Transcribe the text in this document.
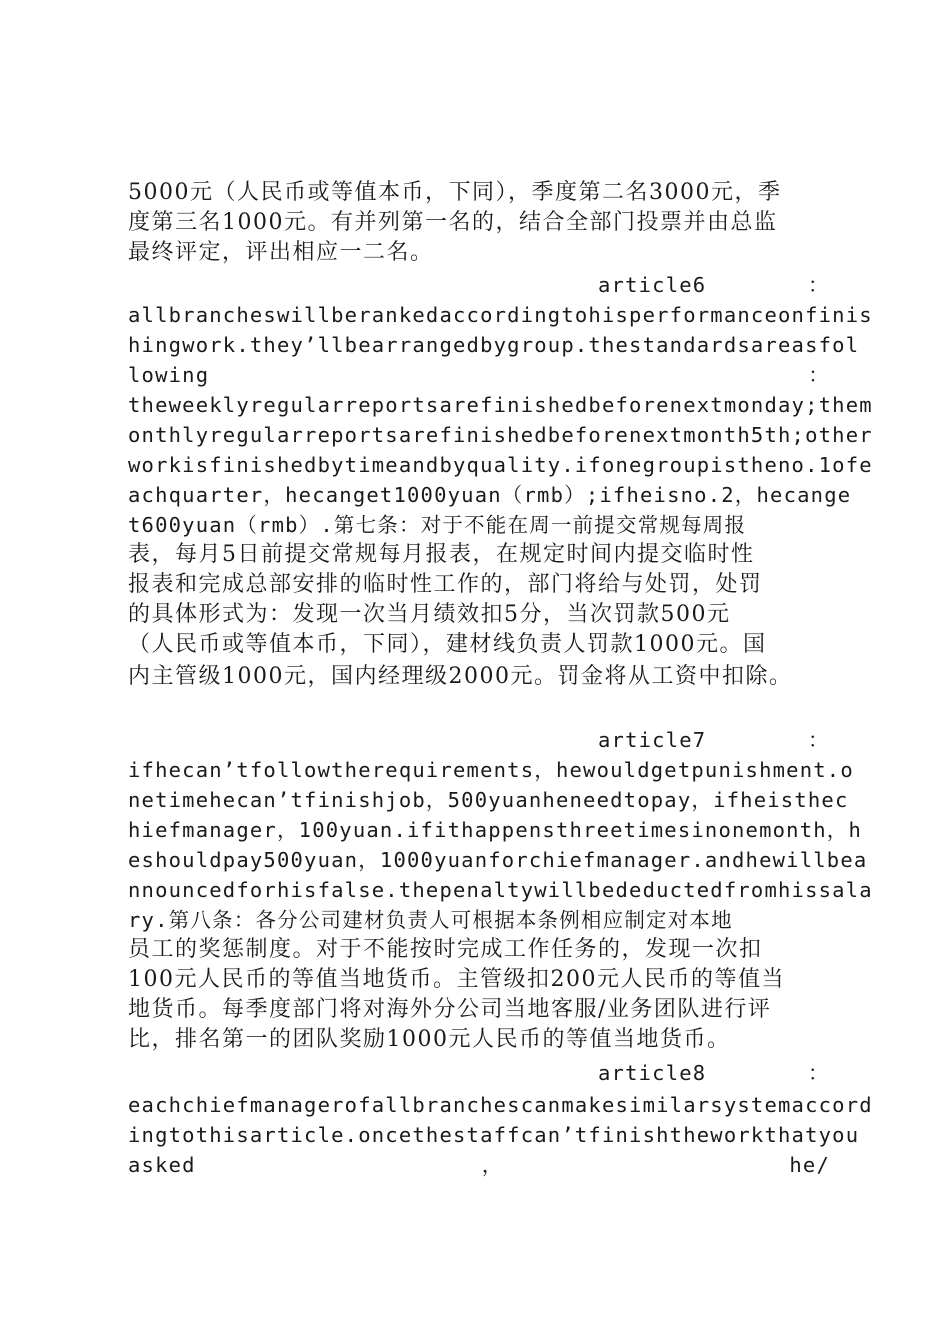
5000元（人民币或等值本币，下同），季度第二名3000元，季
度第三名1000元。有并列第一名的，结合全部门投票并由总监
最终评定，评出相应一二名。
article6	：
allbrancheswillberankedaccordingtohisperformanceonfinis
hingwork.they’llbearrangedbygroup.thestandardsareasfol
lowing	：
theweeklyregularreportsarefinishedbeforenextmonday;them
onthlyregularreportsarefinishedbeforenextmonth5th;other
workisfinishedbytimeandbyquality.ifonegroupistheno.1ofe
achquarter，hecanget1000yuan（rmb）;ifheisno.2，hecange
t600yuan（rmb）.第七条：对于不能在周一前提交常规每周报
表，每月5日前提交常规每月报表，在规定时间内提交临时性
报表和完成总部安排的临时性工作的，部门将给与处罚，处罚
的具体形式为：发现一次当月绩效扣5分，当次罚款500元
（人民币或等值本币，下同），建材线负责人罚款1000元。国
内主管级1000元，国内经理级2000元。罚金将从工资中扣除。
article7	：
ifhecan’tfollowtherequirements，hewouldgetpunishment.o
netimehecan’tfinishjob，500yuanheneedtopay，ifheisthec
hiefmanager，100yuan.ifithappensthreetimesinonemonth，h
eshouldpay500yuan，1000yuanforchiefmanager.andhewillbea
nnouncedforhisfalse.thepenaltywillbedeductedfromhissala
ry.第八条：各分公司建材负责人可根据本条例相应制定对本地
员工的奖惩制度。对于不能按时完成工作任务的，发现一次扣
100元人民币的等值当地货币。主管级扣200元人民币的等值当
地货币。每季度部门将对海外分公司当地客服/业务团队进行评
比，排名第一的团队奖励1000元人民币的等值当地货币。
article8	：
eachchiefmanagerofallbranchescanmakesimilarsystemaccord
ingtothisarticle.oncethestaffcan’tfinishtheworkthatyou
asked	，	he/
